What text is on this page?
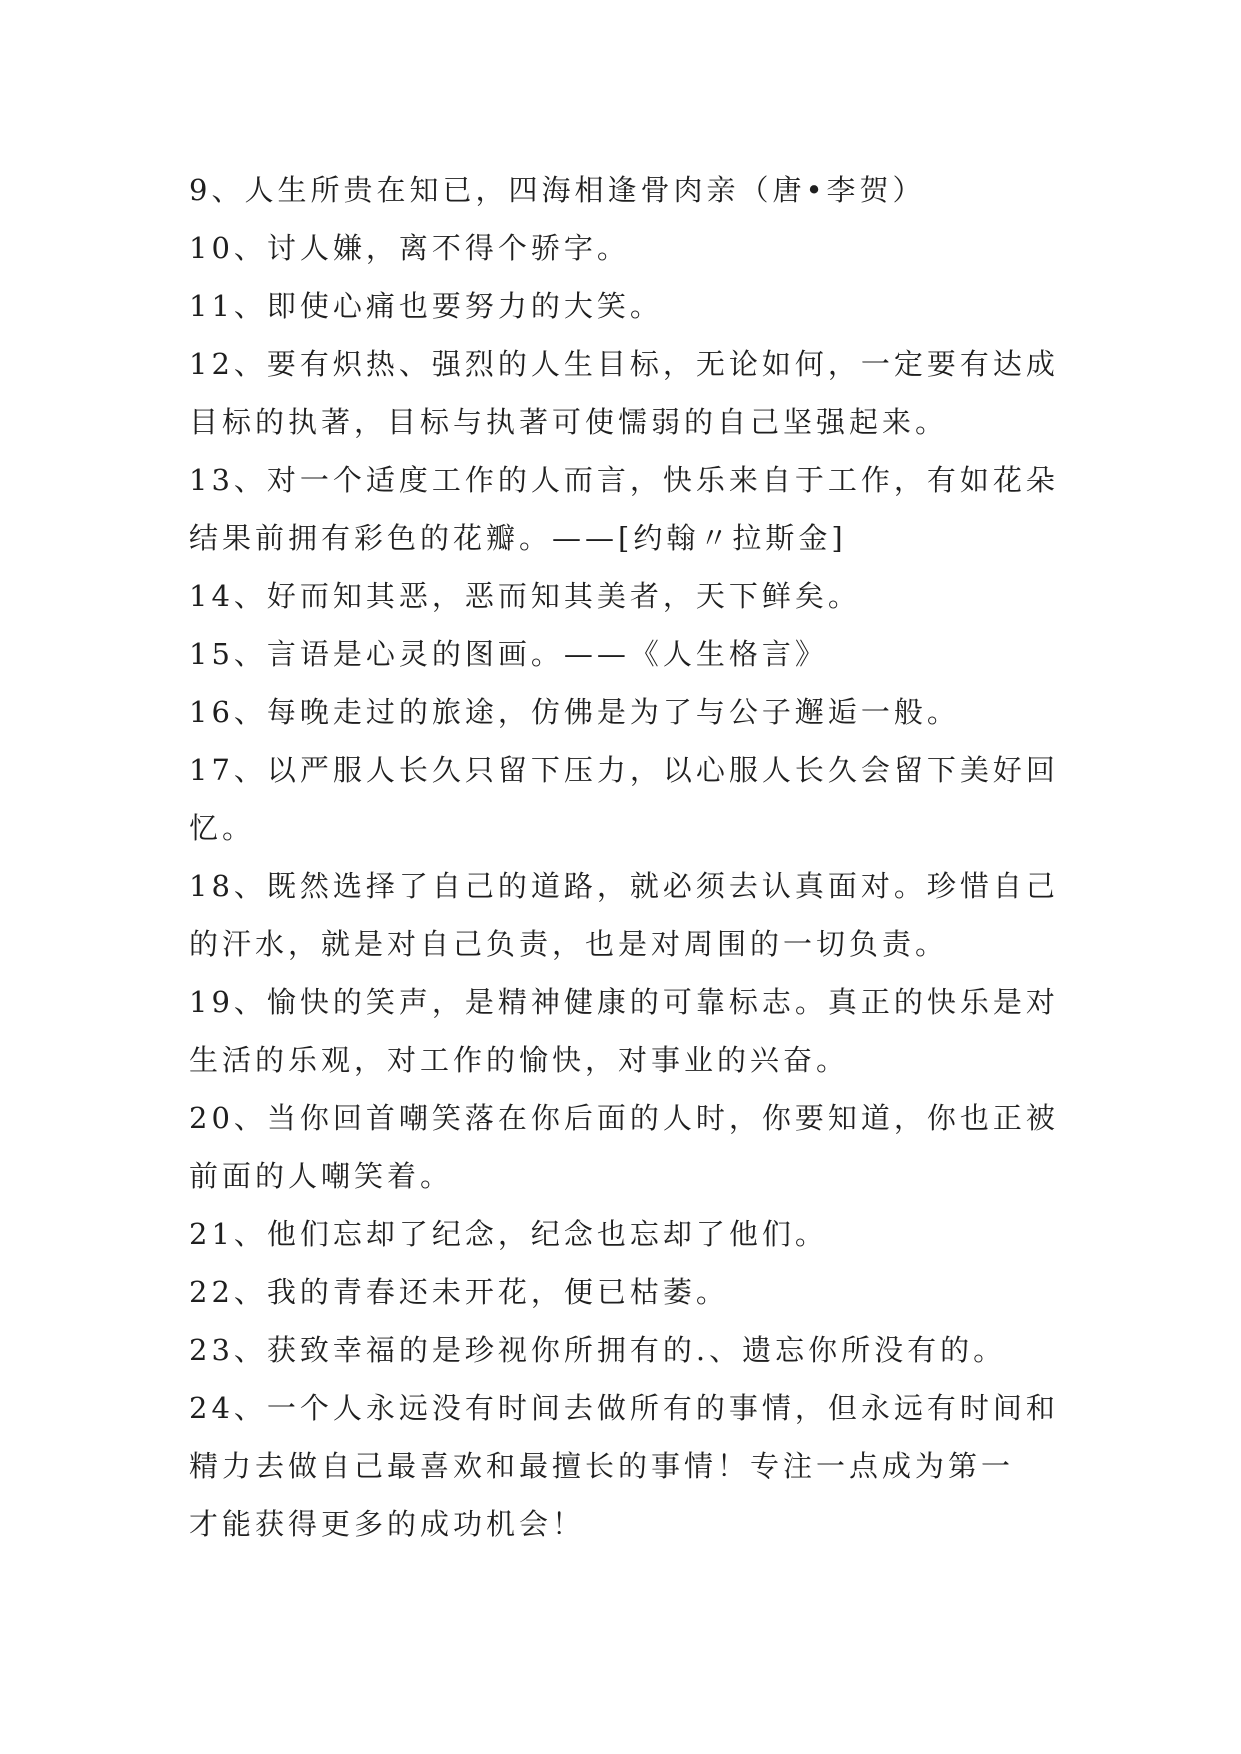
9、人生所贵在知已，四海相逢骨肉亲（唐•李贺）
10、讨人嫌，离不得个骄字。
11、即使心痛也要努力的大笑。
12、要有炽热、强烈的人生目标，无论如何，一定要有达成
目标的执著，目标与执著可使懦弱的自己坚强起来。
13、对一个适度工作的人而言，快乐来自于工作，有如花朵
结果前拥有彩色的花瓣。——[约翰〃拉斯金]
14、好而知其恶，恶而知其美者，天下鲜矣。
15、言语是心灵的图画。——《人生格言》
16、每晚走过的旅途，仿佛是为了与公子邂逅一般。
17、以严服人长久只留下压力，以心服人长久会留下美好回
忆。
18、既然选择了自己的道路，就必须去认真面对。珍惜自己
的汗水，就是对自己负责，也是对周围的一切负责。
19、愉快的笑声，是精神健康的可靠标志。真正的快乐是对
生活的乐观，对工作的愉快，对事业的兴奋。
20、当你回首嘲笑落在你后面的人时，你要知道，你也正被
前面的人嘲笑着。
21、他们忘却了纪念，纪念也忘却了他们。
22、我的青春还未开花，便已枯萎。
23、获致幸福的是珍视你所拥有的.、遗忘你所没有的。
24、一个人永远没有时间去做所有的事情，但永远有时间和
精力去做自己最喜欢和最擅长的事情！专注一点成为第一
才能获得更多的成功机会！
